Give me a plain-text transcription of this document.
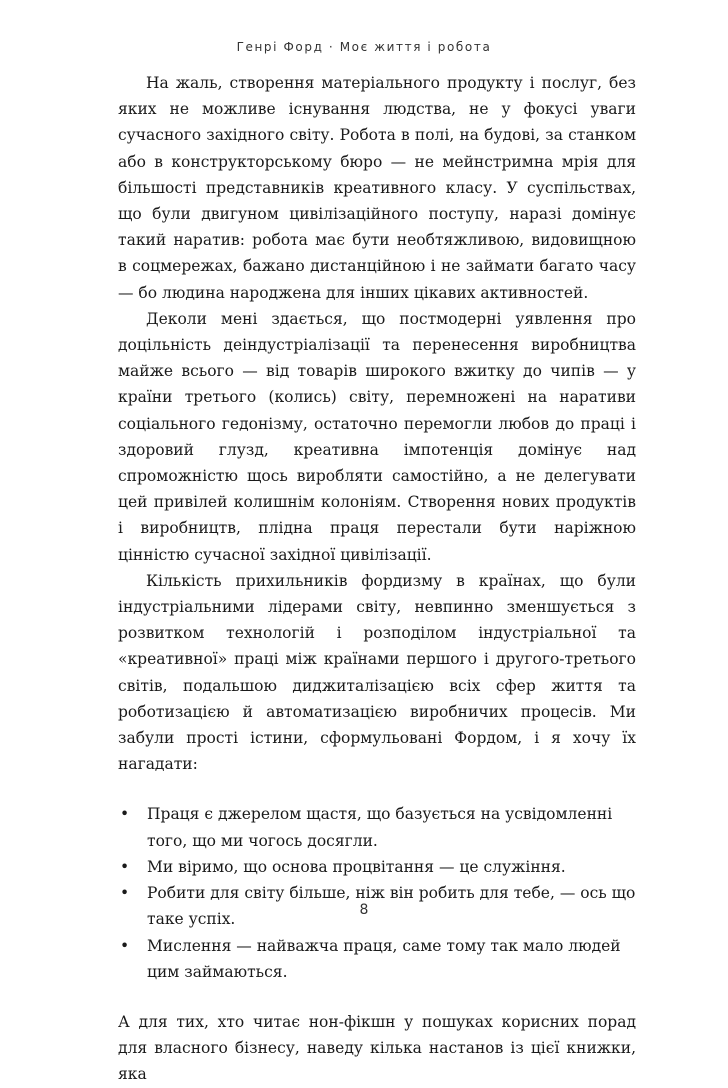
Генрі Форд · Моє життя і робота

На жаль, створення матеріального продукту і послуг, без яких не можливе існування людства, не у фокусі уваги сучасного західного світу. Робота в полі, на будові, за станком або в конструкторському бюро — не мейнстримна мрія для більшості представників креативного класу. У суспільствах, що були двигуном цивілізаційного поступу, наразі домінує такий наратив: робота має бути необтяжливою, видовищною в соцмережах, бажано дистанційною і не займати багато часу — бо людина народжена для інших цікавих активностей.

Деколи мені здається, що постмодерні уявлення про доцільність деіндустріалізації та перенесення виробництва майже всього — від товарів широкого вжитку до чипів — у країни третього (колись) світу, перемножені на наративи соціального гедонізму, остаточно перемогли любов до праці і здоровий глузд, креативна імпотенція домінує над спроможністю щось виробляти самостійно, а не делегувати цей привілей колишнім колоніям. Створення нових продуктів і виробництв, плідна праця перестали бути наріжною цінністю сучасної західної цивілізації.

Кількість прихильників фордизму в країнах, що були індустріальними лідерами світу, невпинно зменшується з розвитком технологій і розподілом індустріальної та «креативної» праці між країнами першого і другого-третього світів, подальшою диджиталізацією всіх сфер життя та роботизацією й автоматизацією виробничих процесів. Ми забули прості істини, сформульовані Фордом, і я хочу їх нагадати:

• Праця є джерелом щастя, що базується на усвідомленні того, що ми чогось досягли.
• Ми віримо, що основа процвітання — це служіння.
• Робити для світу більше, ніж він робить для тебе, — ось що таке успіх.
• Мислення — найважча праця, саме тому так мало людей цим займаються.

А для тих, хто читає нон-фікшн у пошуках корисних порад для власного бізнесу, наведу кілька настанов із цієї книжки, яка

8
